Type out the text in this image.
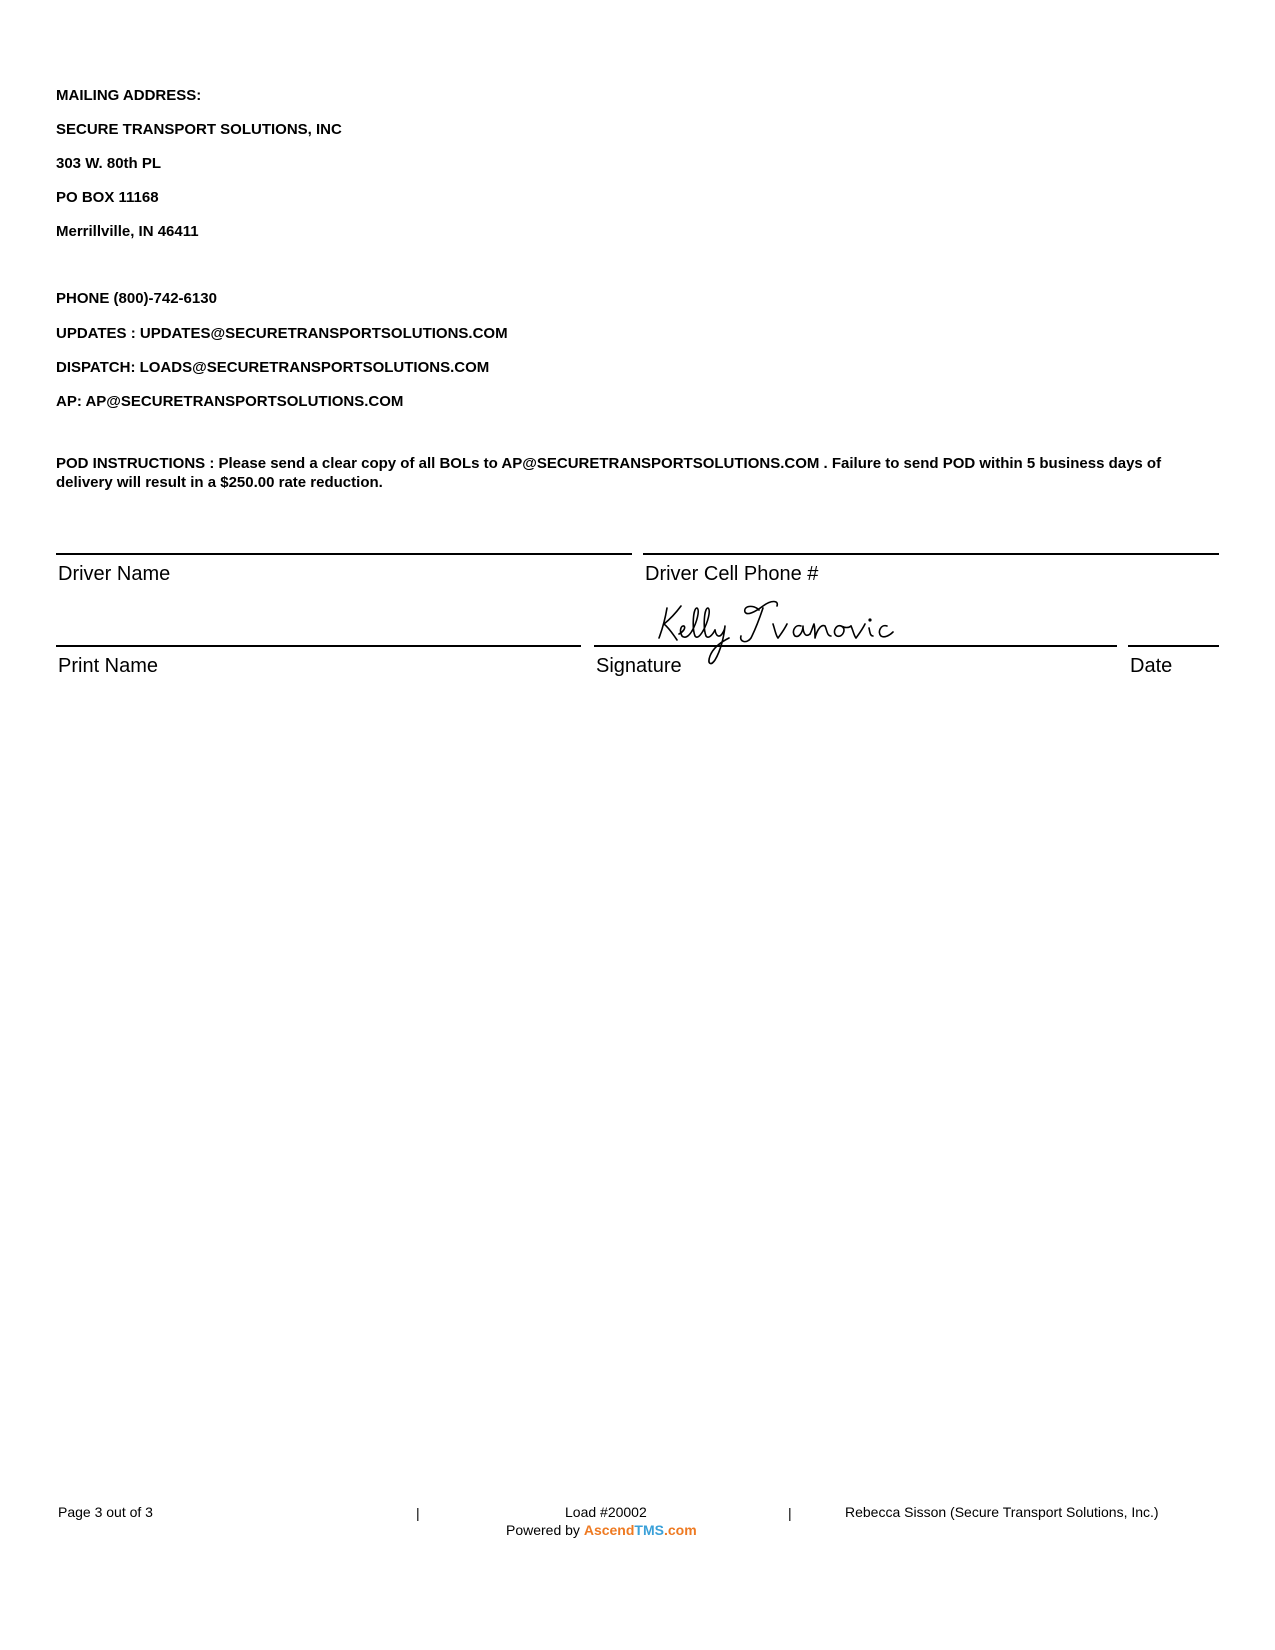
MAILING ADDRESS:
SECURE TRANSPORT SOLUTIONS, INC
303 W. 80th PL
PO BOX 11168
Merrillville, IN 46411
PHONE (800)-742-6130
UPDATES : UPDATES@SECURETRANSPORTSOLUTIONS.COM
DISPATCH: LOADS@SECURETRANSPORTSOLUTIONS.COM
AP: AP@SECURETRANSPORTSOLUTIONS.COM
POD INSTRUCTIONS : Please send a clear copy of all BOLs to AP@SECURETRANSPORTSOLUTIONS.COM . Failure to send POD within 5 business days of delivery will result in a $250.00 rate reduction.
Driver Name	Driver Cell Phone #
Print Name	Signature	Date
Page 3 out of 3	|	Load #20002	|	Rebecca Sisson (Secure Transport Solutions, Inc.)
Powered by AscendTMS.com
